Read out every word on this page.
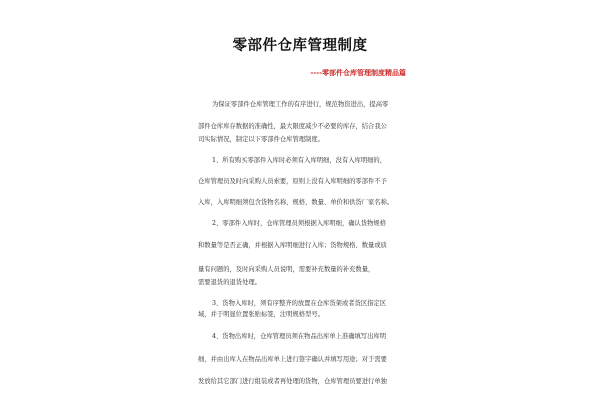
零部件仓库管理制度
----零部件仓库管理制度精品篇
为保证零部件仓库管理工作的有序进行，规范物资进出，提高零
部件仓库库存数据的准确性，最大限度减少不必要的库存，结合我公
司实际情况，制定以下零部件仓库管理制度。
1、所有购买零部件入库时必须有入库明细，没有入库明细的，
仓库管理员及时向采购人员索要，原则上没有入库明细的零部件不予
入库，入库明细须包含货物名称、规格、数量、单价和供货厂家名称。
2、零部件入库时，仓库管理员须根据入库明细，确认货物规格
和数量等是否正确，并根据入库明细进行入库；货物规格、数量或质
量有问题的，及时向采购人员说明，需要补充数量的补充数量，
需要退货的退货处理。
3、货物入库时，须有序整齐的放置在仓库货架或者货区指定区
域，并于明显位置张贴标签，注明规格型号。
4、货物出库时，仓库管理员须在物品出库单上准确填写出库明
细，并由出库人在物品出库单上进行签字确认并填写用途；对于需要
发放给其它部门进行组装或者再处理的货物，仓库管理员要进行单独
